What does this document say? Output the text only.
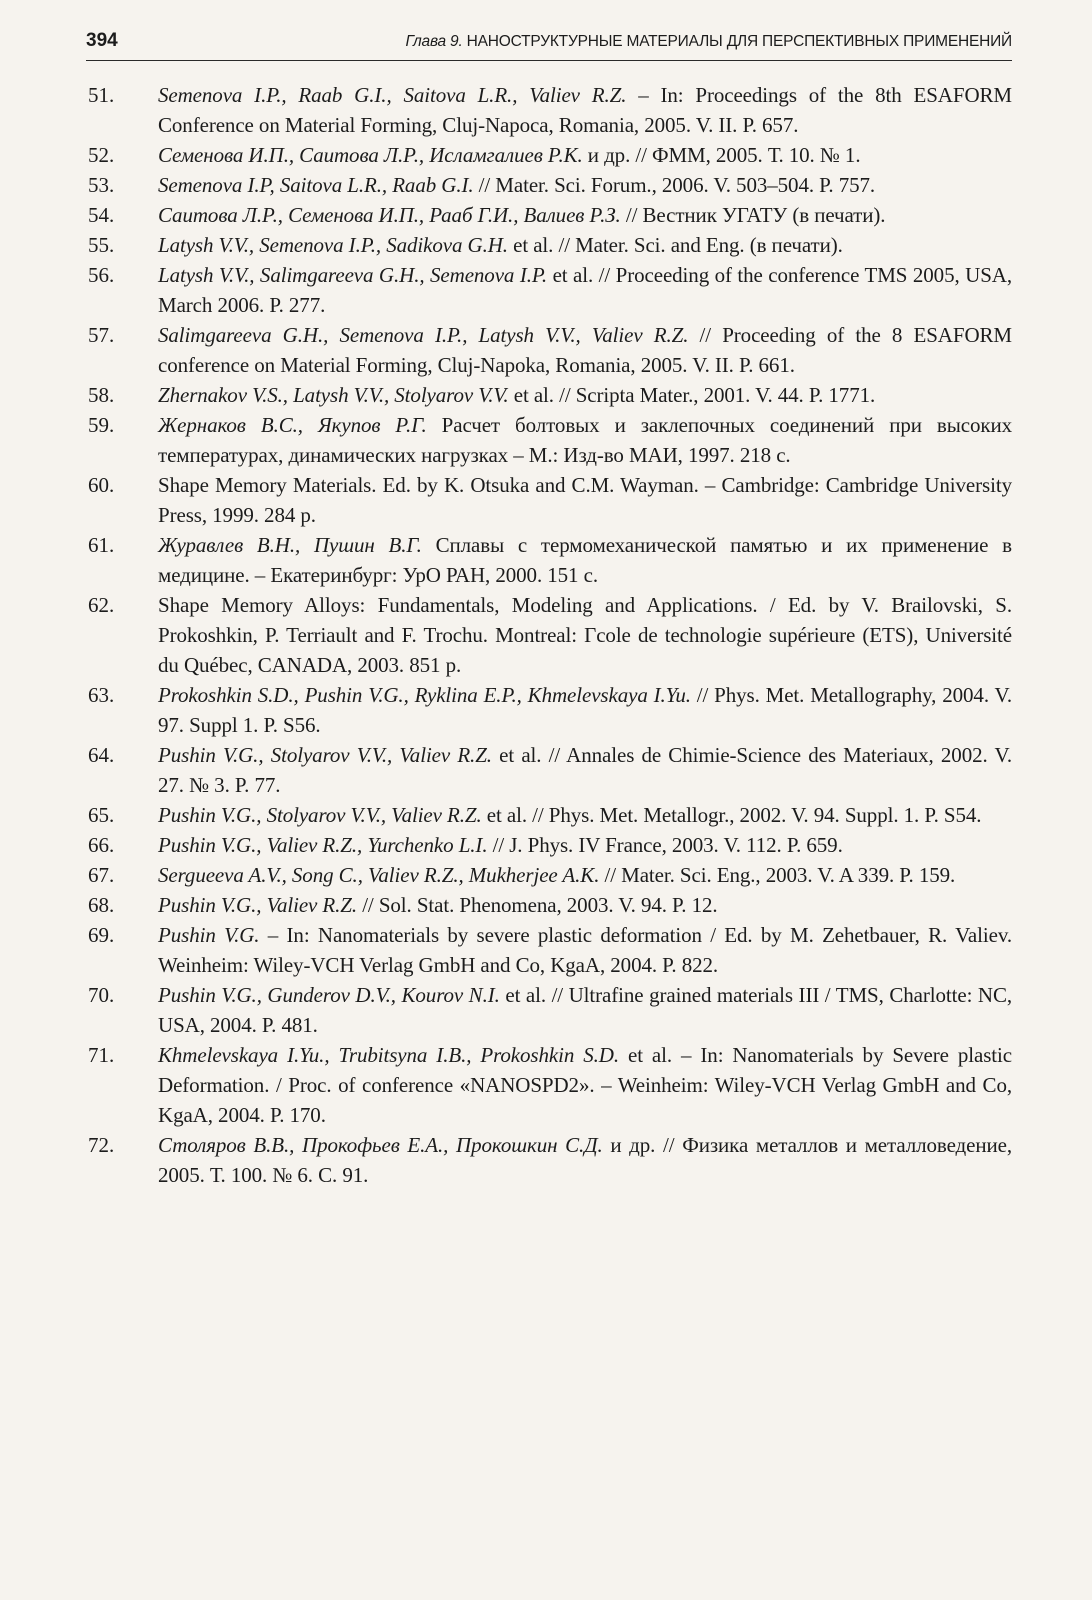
394	Глава 9. НАНОСТРУКТУРНЫЕ МАТЕРИАЛЫ ДЛЯ ПЕРСПЕКТИВНЫХ ПРИМЕНЕНИЙ
51. Semenova I.P., Raab G.I., Saitova L.R., Valiev R.Z. – In: Proceedings of the 8th ESAFORM Conference on Material Forming, Cluj-Napoca, Romania, 2005. V. II. P. 657.
52. Семенова И.П., Саитова Л.Р., Исламгалиев Р.К. и др. // ФММ, 2005. Т. 10. № 1.
53. Semenova I.P, Saitova L.R., Raab G.I. // Mater. Sci. Forum., 2006. V. 503–504. P. 757.
54. Саитова Л.Р., Семенова И.П., Рааб Г.И., Валиев Р.З. // Вестник УГАТУ (в печати).
55. Latysh V.V., Semenova I.P., Sadikova G.H. et al. // Mater. Sci. and Eng. (в печати).
56. Latysh V.V., Salimgareeva G.H., Semenova I.P. et al. // Proceeding of the conference TMS 2005, USA, March 2006. P. 277.
57. Salimgareeva G.H., Semenova I.P., Latysh V.V., Valiev R.Z. // Proceeding of the 8 ESAFORM conference on Material Forming, Cluj-Napoka, Romania, 2005. V. II. P. 661.
58. Zhernakov V.S., Latysh V.V., Stolyarov V.V. et al. // Scripta Mater., 2001. V. 44. P. 1771.
59. Жернаков В.С., Якупов Р.Г. Расчет болтовых и заклепочных соединений при высоких температурах, динамических нагрузках – М.: Изд-во МАИ, 1997. 218 с.
60. Shape Memory Materials. Ed. by K. Otsuka and C.M. Wayman. – Cambridge: Cambridge University Press, 1999. 284 p.
61. Журавлев В.Н., Пушин В.Г. Сплавы с термомеханической памятью и их применение в медицине. – Екатеринбург: УрО РАН, 2000. 151 с.
62. Shape Memory Alloys: Fundamentals, Modeling and Applications. / Ed. by V. Brailovski, S. Prokoshkin, P. Terriault and F. Trochu. Montreal: Гcole de technologie supérieure (ETS), Université du Québec, CANADA, 2003. 851 p.
63. Prokoshkin S.D., Pushin V.G., Ryklina E.P., Khmelevskaya I.Yu. // Phys. Met. Metallography, 2004. V. 97. Suppl 1. P. S56.
64. Pushin V.G., Stolyarov V.V., Valiev R.Z. et al. // Annales de Chimie-Science des Materiaux, 2002. V. 27. № 3. P. 77.
65. Pushin V.G., Stolyarov V.V., Valiev R.Z. et al. // Phys. Met. Metallogr., 2002. V. 94. Suppl. 1. P. S54.
66. Pushin V.G., Valiev R.Z., Yurchenko L.I. // J. Phys. IV France, 2003. V. 112. P. 659.
67. Sergueeva A.V., Song C., Valiev R.Z., Mukherjee A.K. // Mater. Sci. Eng., 2003. V. A 339. P. 159.
68. Pushin V.G., Valiev R.Z. // Sol. Stat. Phenomena, 2003. V. 94. P. 12.
69. Pushin V.G. – In: Nanomaterials by severe plastic deformation / Ed. by M. Zehetbauer, R. Valiev. Weinheim: Wiley-VCH Verlag GmbH and Co, KgaA, 2004. P. 822.
70. Pushin V.G., Gunderov D.V., Kourov N.I. et al. // Ultrafine grained materials III / TMS, Charlotte: NC, USA, 2004. P. 481.
71. Khmelevskaya I.Yu., Trubitsyna I.B., Prokoshkin S.D. et al. – In: Nanomaterials by Severe plastic Deformation. / Proc. of conference «NANOSPD2». – Weinheim: Wiley-VCH Verlag GmbH and Co, KgaA, 2004. P. 170.
72. Столяров В.В., Прокофьев Е.А., Прокошкин С.Д. и др. // Физика металлов и металловедение, 2005. Т. 100. № 6. С. 91.
